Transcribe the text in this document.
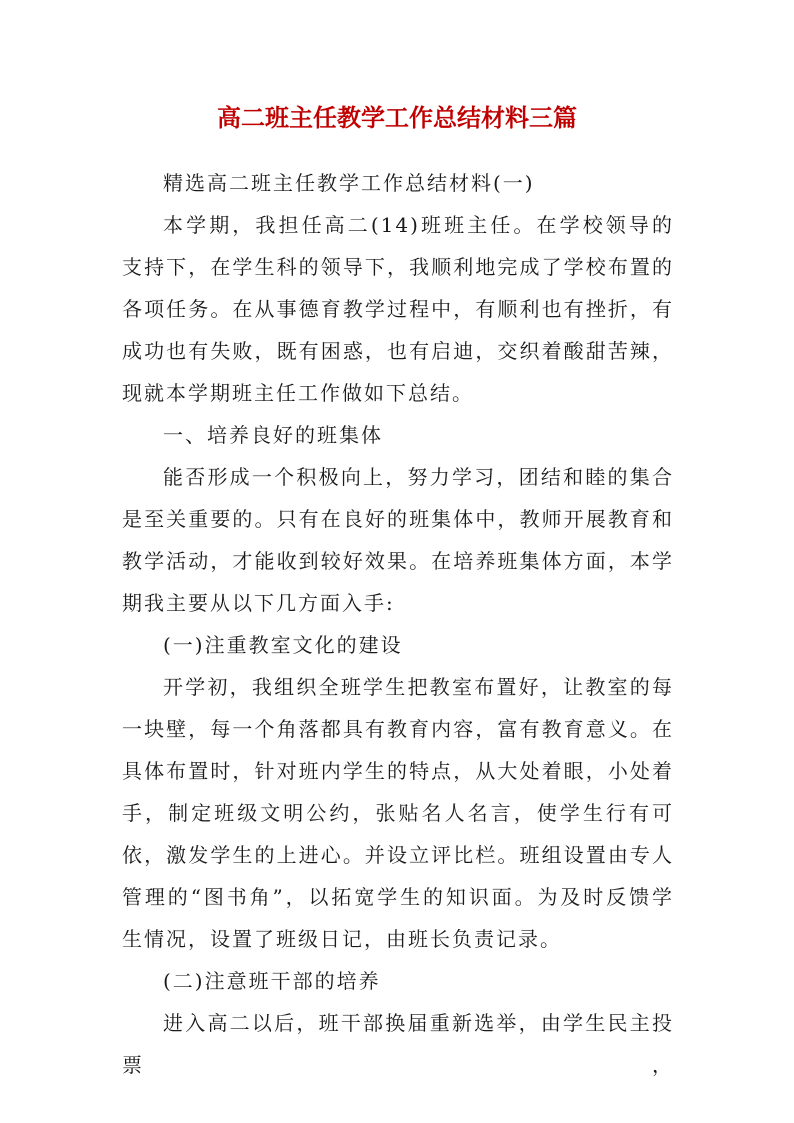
高二班主任教学工作总结材料三篇

精选高二班主任教学工作总结材料(一)

本学期，我担任高二(14)班班主任。在学校领导的支持下，在学生科的领导下，我顺利地完成了学校布置的各项任务。在从事德育教学过程中，有顺利也有挫折，有成功也有失败，既有困惑，也有启迪，交织着酸甜苦辣，现就本学期班主任工作做如下总结。

一、培养良好的班集体

能否形成一个积极向上，努力学习，团结和睦的集合是至关重要的。只有在良好的班集体中，教师开展教育和教学活动，才能收到较好效果。在培养班集体方面，本学期我主要从以下几方面入手:

(一)注重教室文化的建设

开学初，我组织全班学生把教室布置好，让教室的每一块壁，每一个角落都具有教育内容，富有教育意义。在具体布置时，针对班内学生的特点，从大处着眼，小处着手，制定班级文明公约，张贴名人名言，使学生行有可依，激发学生的上进心。并设立评比栏。班组设置由专人管理的“图书角”，以拓宽学生的知识面。为及时反馈学生情况，设置了班级日记，由班长负责记录。

(二)注意班干部的培养

进入高二以后，班干部换届重新选举，由学生民主投票，
